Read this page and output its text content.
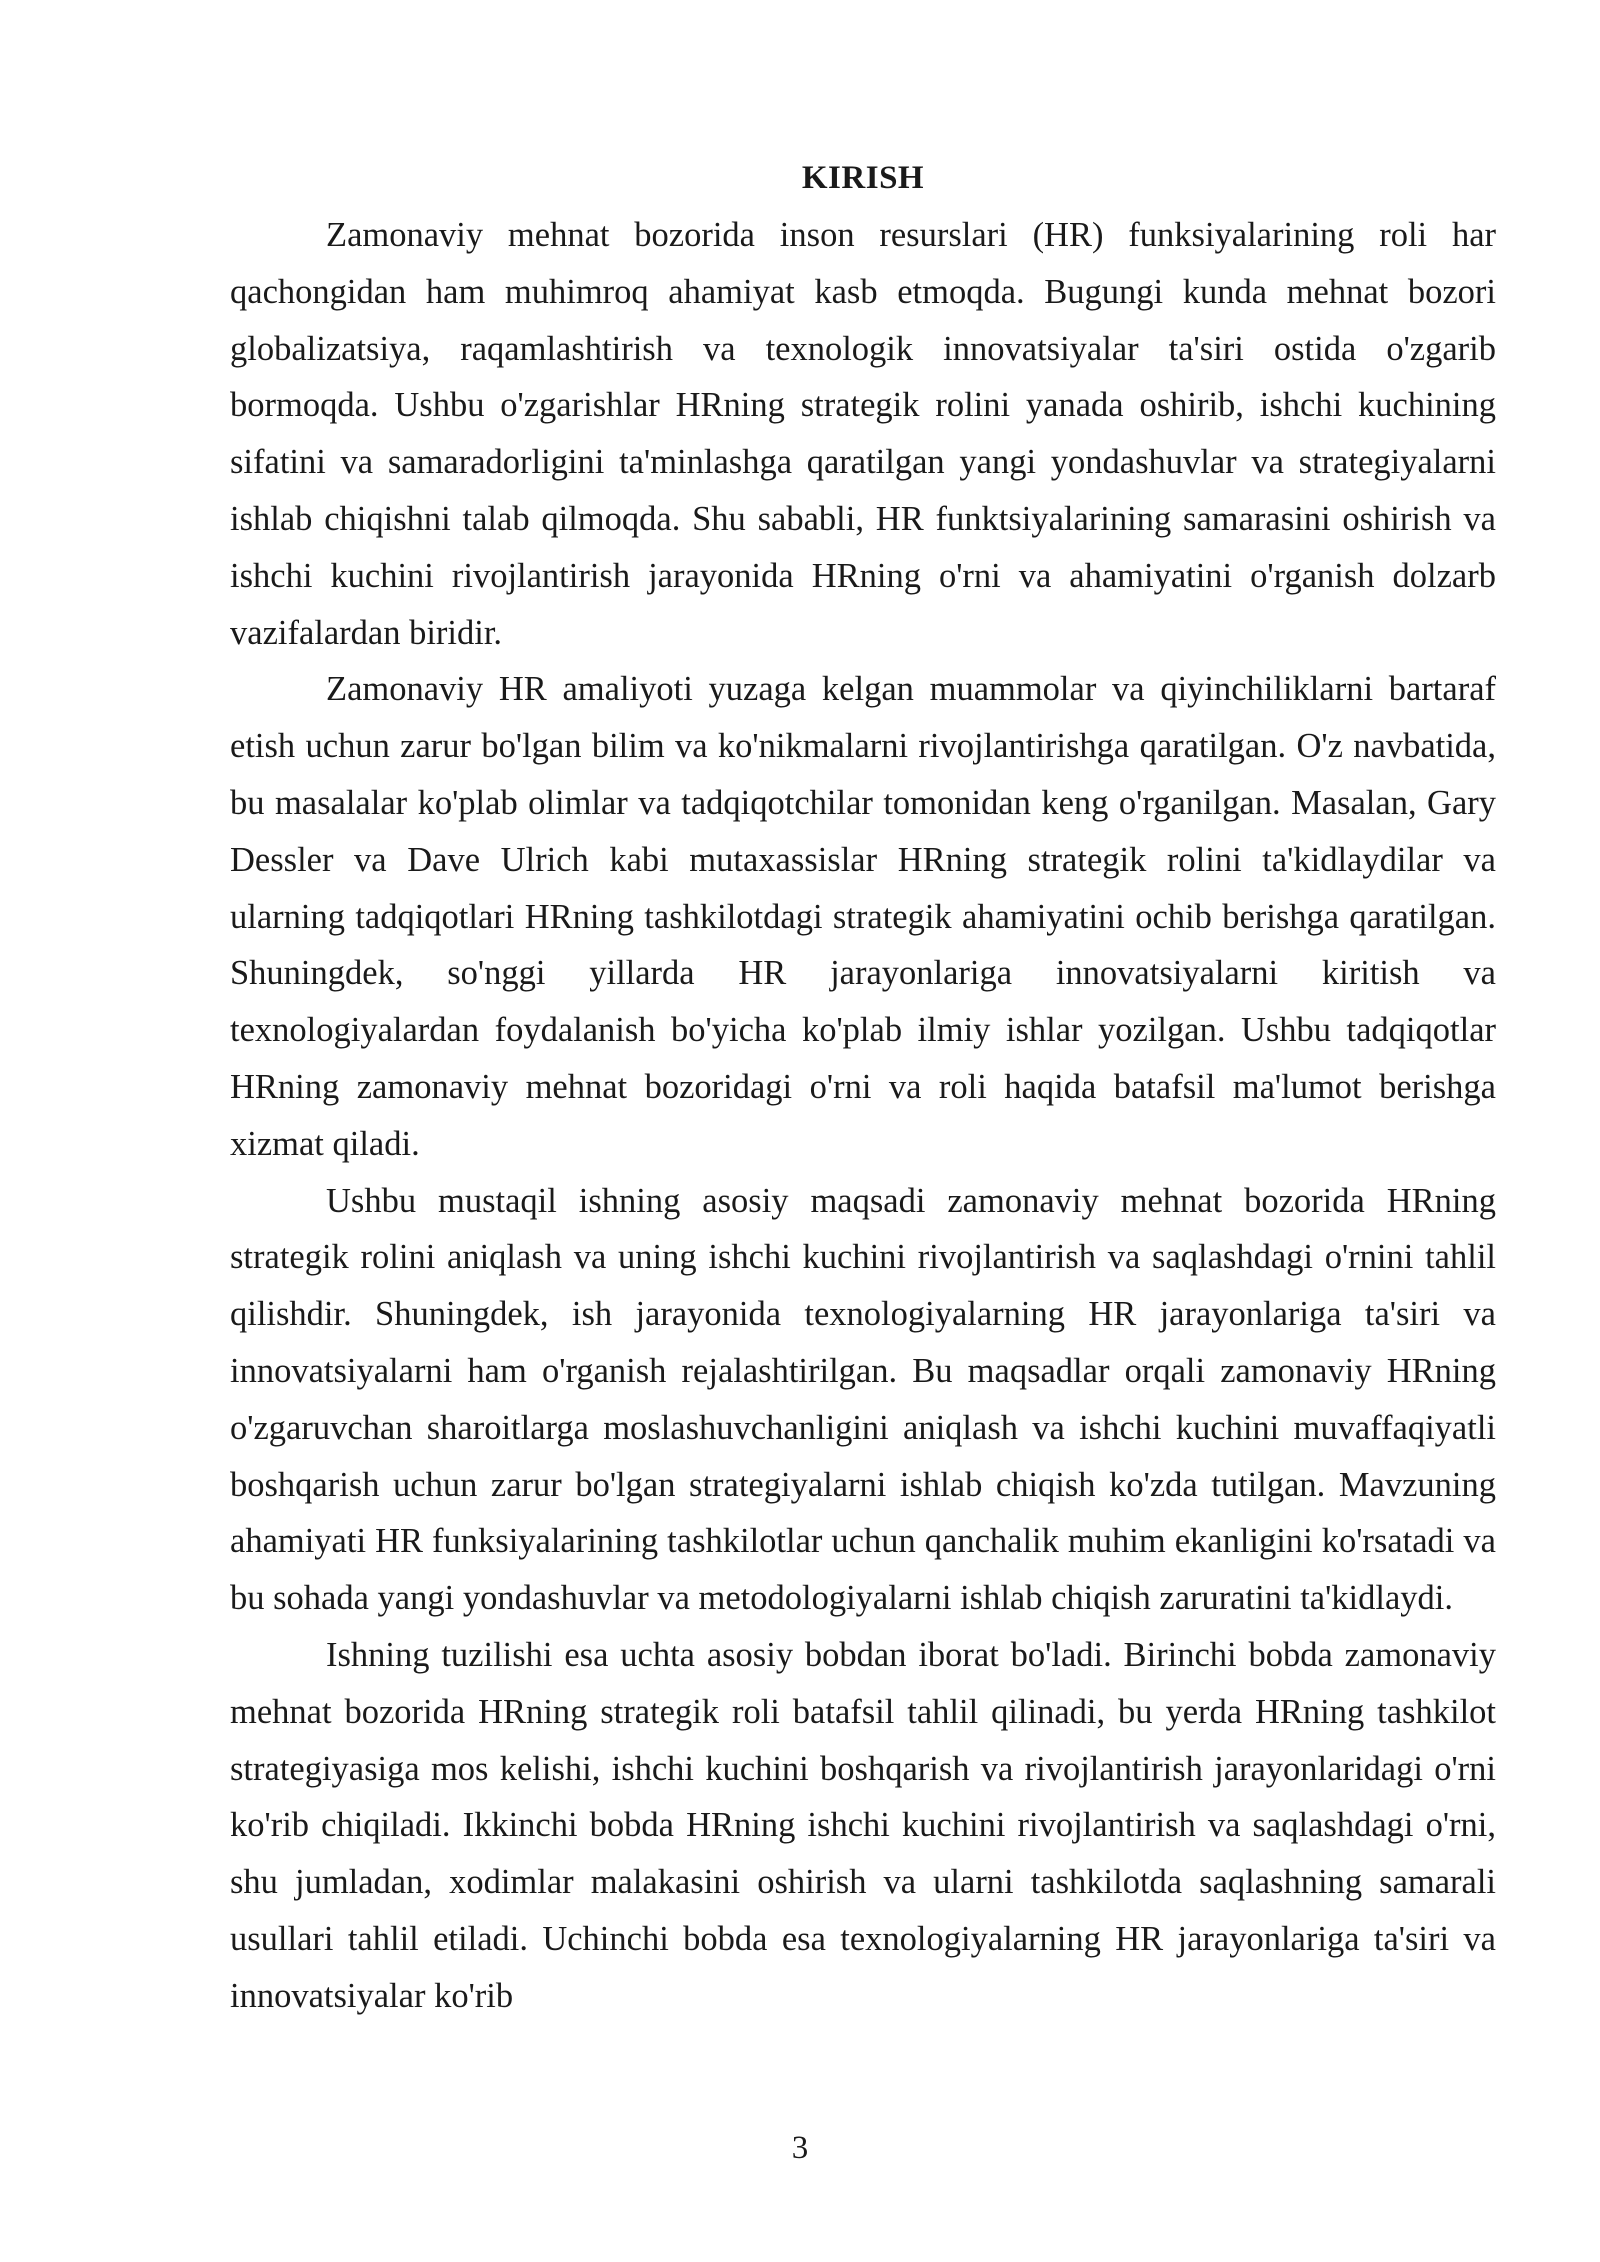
KIRISH

Zamonaviy mehnat bozorida inson resurslari (HR) funksiyalarining roli har qachongidan ham muhimroq ahamiyat kasb etmoqda. Bugungi kunda mehnat bozori globalizatsiya, raqamlashtirish va texnologik innovatsiyalar ta'siri ostida o'zgarib bormoqda. Ushbu o'zgarishlar HRning strategik rolini yanada oshirib, ishchi kuchining sifatini va samaradorligini ta'minlashga qaratilgan yangi yondashuvlar va strategiyalarni ishlab chiqishni talab qilmoqda. Shu sababli, HR funktsiyalarining samarasini oshirish va ishchi kuchini rivojlantirish jarayonida HRning o'rni va ahamiyatini o'rganish dolzarb vazifalardan biridir.

Zamonaviy HR amaliyoti yuzaga kelgan muammolar va qiyinchiliklarni bartaraf etish uchun zarur bo'lgan bilim va ko'nikmalarni rivojlantirishga qaratilgan. O'z navbatida, bu masalalar ko'plab olimlar va tadqiqotchilar tomonidan keng o'rganilgan. Masalan, Gary Dessler va Dave Ulrich kabi mutaxassislar HRning strategik rolini ta'kidlaydilar va ularning tadqiqotlari HRning tashkilotdagi strategik ahamiyatini ochib berishga qaratilgan. Shuningdek, so'nggi yillarda HR jarayonlariga innovatsiyalarni kiritish va texnologiyalardan foydalanish bo'yicha ko'plab ilmiy ishlar yozilgan. Ushbu tadqiqotlar HRning zamonaviy mehnat bozoridagi o'rni va roli haqida batafsil ma'lumot berishga xizmat qiladi.

Ushbu mustaqil ishning asosiy maqsadi zamonaviy mehnat bozorida HRning strategik rolini aniqlash va uning ishchi kuchini rivojlantirish va saqlashdagi o'rnini tahlil qilishdir. Shuningdek, ish jarayonida texnologiyalarning HR jarayonlariga ta'siri va innovatsiyalarni ham o'rganish rejalashtirilgan. Bu maqsadlar orqali zamonaviy HRning o'zgaruvchan sharoitlarga moslashuvchanligini aniqlash va ishchi kuchini muvaffaqiyatli boshqarish uchun zarur bo'lgan strategiyalarni ishlab chiqish ko'zda tutilgan. Mavzuning ahamiyati HR funksiyalarining tashkilotlar uchun qanchalik muhim ekanligini ko'rsatadi va bu sohada yangi yondashuvlar va metodologiyalarni ishlab chiqish zaruratini ta'kidlaydi.

Ishning tuzilishi esa uchta asosiy bobdan iborat bo'ladi. Birinchi bobda zamonaviy mehnat bozorida HRning strategik roli batafsil tahlil qilinadi, bu yerda HRning tashkilot strategiyasiga mos kelishi, ishchi kuchini boshqarish va rivojlantirish jarayonlaridagi o'rni ko'rib chiqiladi. Ikkinchi bobda HRning ishchi kuchini rivojlantirish va saqlashdagi o'rni, shu jumladan, xodimlar malakasini oshirish va ularni tashkilotda saqlashning samarali usullari tahlil etiladi. Uchinchi bobda esa texnologiyalarning HR jarayonlariga ta'siri va innovatsiyalar ko'rib

3
